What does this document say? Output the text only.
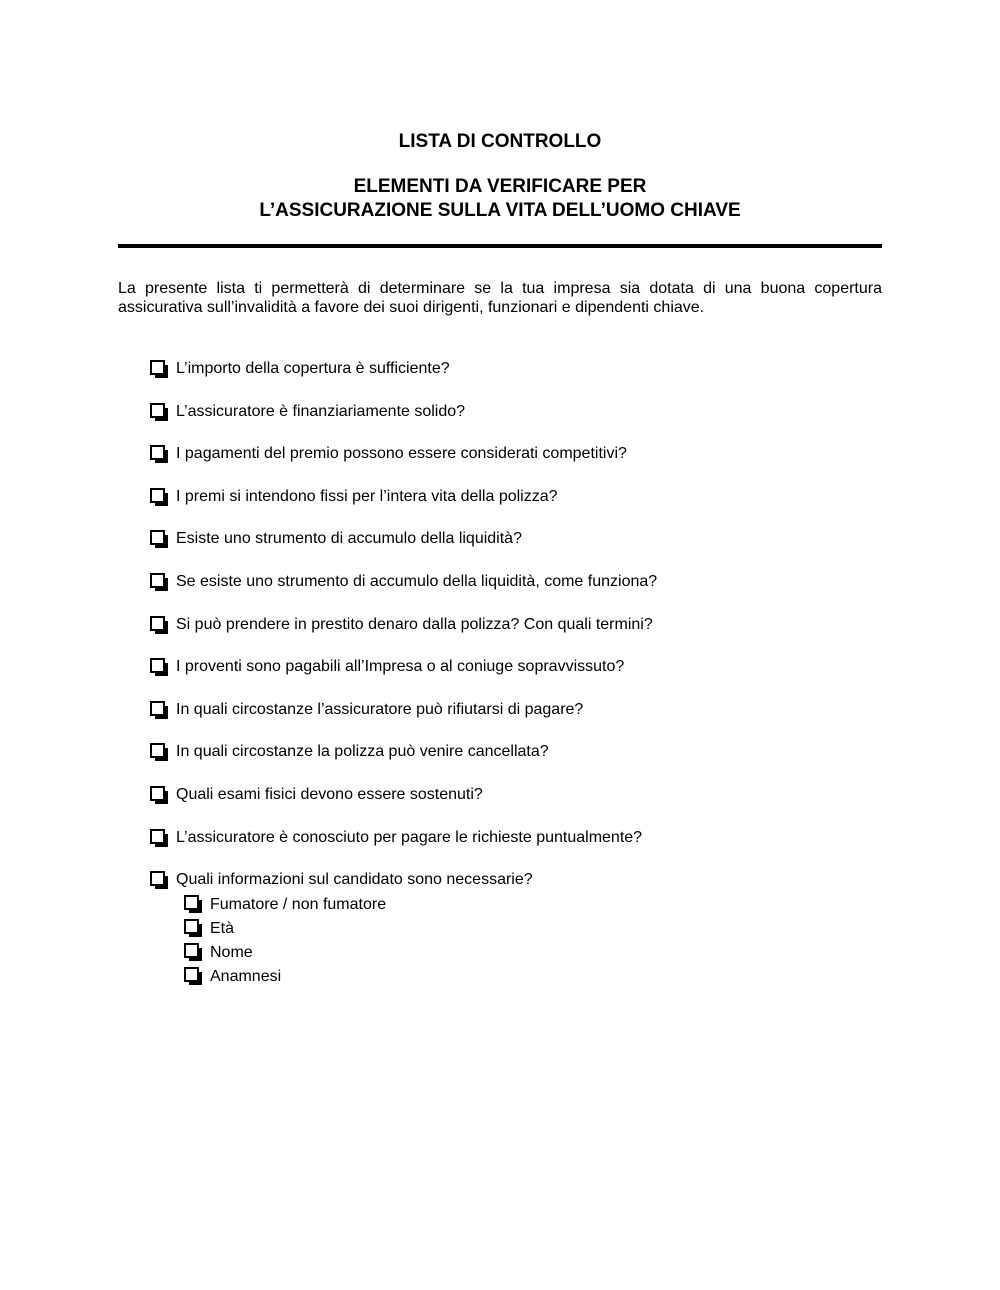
LISTA DI CONTROLLO
ELEMENTI DA VERIFICARE PER
L’ASSICURAZIONE SULLA VITA DELL’UOMO CHIAVE
La presente lista ti permetterà di determinare se la tua impresa sia dotata di una buona copertura assicurativa sull’invalidità a favore dei suoi dirigenti, funzionari e dipendenti chiave.
L’importo della copertura è sufficiente?
L’assicuratore è finanziariamente solido?
I pagamenti del premio possono essere considerati competitivi?
I premi si intendono fissi per l’intera vita della polizza?
Esiste uno strumento di accumulo della liquidità?
Se esiste uno strumento di accumulo della liquidità, come funziona?
Si può prendere in prestito denaro dalla polizza? Con quali termini?
I proventi sono pagabili all’Impresa o al coniuge sopravvissuto?
In quali circostanze l’assicuratore può rifiutarsi di pagare?
In quali circostanze la polizza può venire cancellata?
Quali esami fisici devono essere sostenuti?
L’assicuratore è conosciuto per pagare le richieste puntualmente?
Quali informazioni sul candidato sono necessarie?
Fumatore / non fumatore
Età
Nome
Anamnesi
